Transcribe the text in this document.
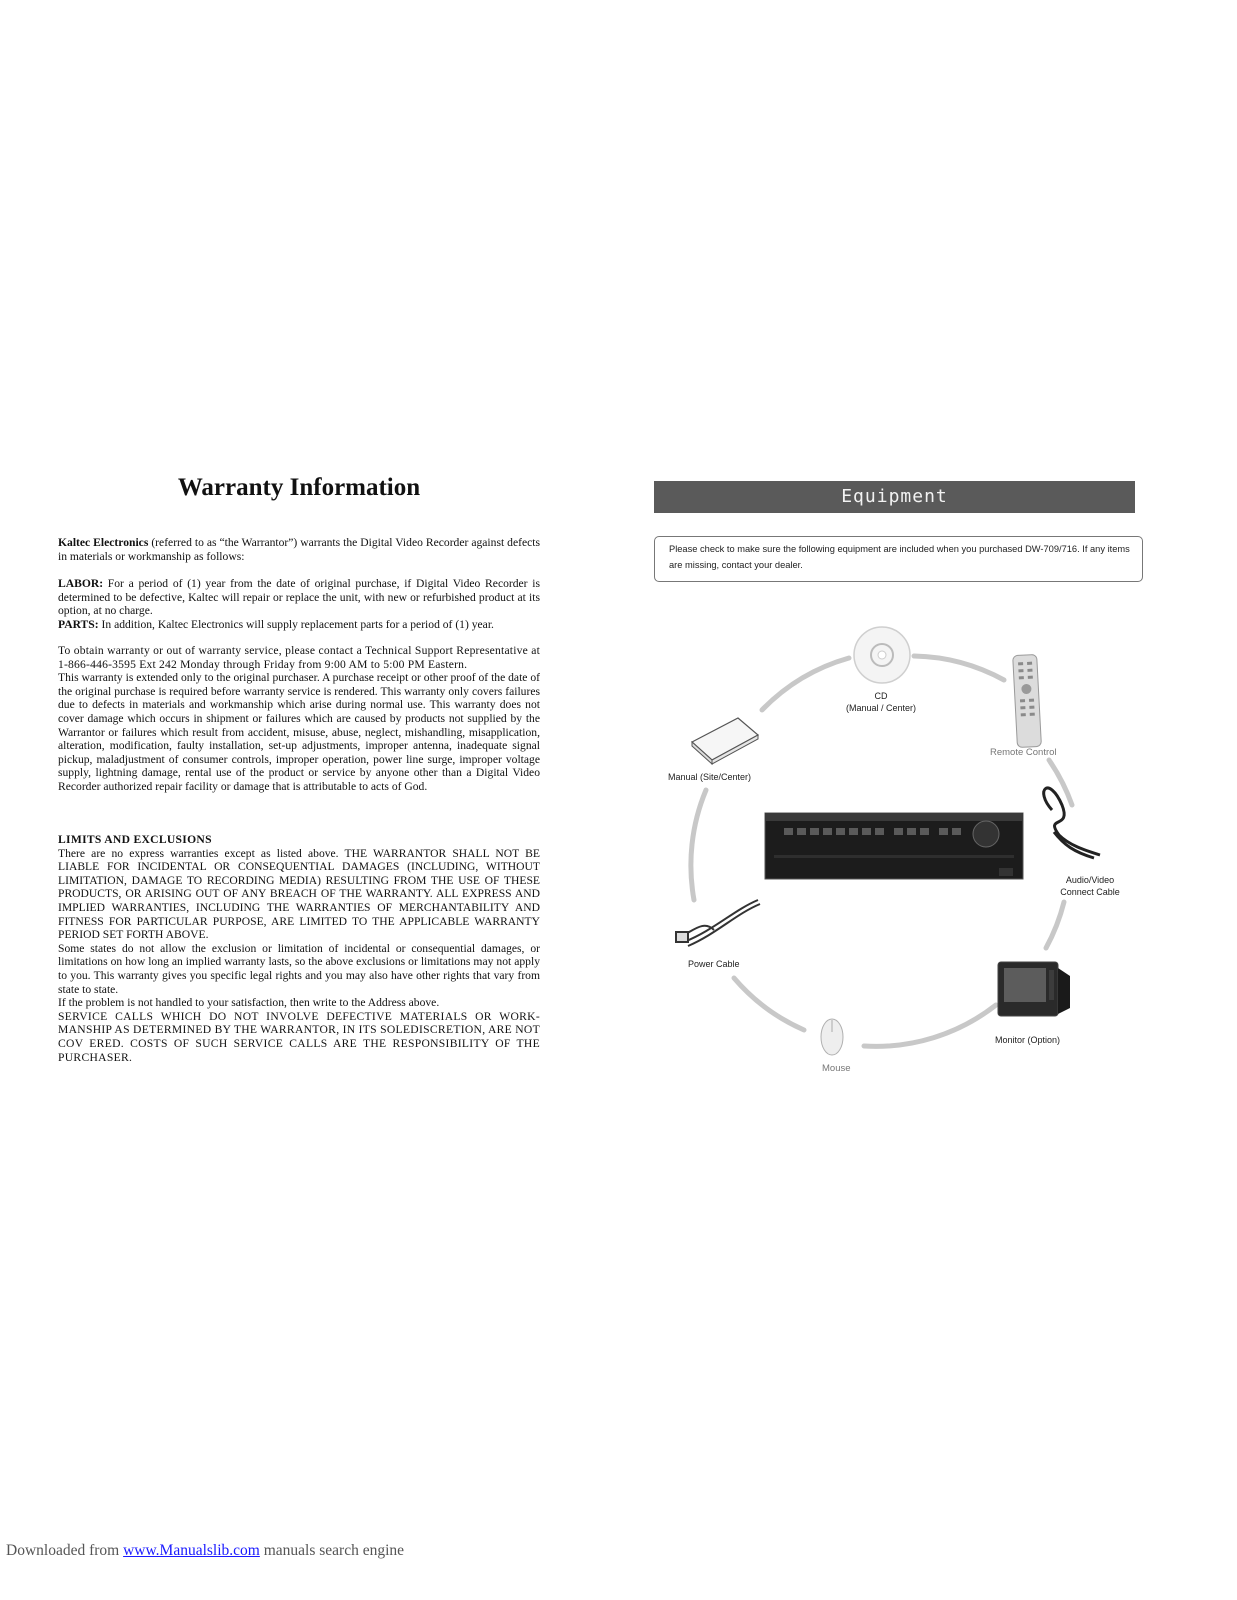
Warranty Information

Kaltec Electronics (referred to as “the Warrantor”) warrants the Digital Video Recorder against defects in materials or workmanship as follows:

LABOR: For a period of (1) year from the date of original purchase, if Digital Video Recorder is determined to be defective, Kaltec will repair or replace the unit, with new or refurbished product at its option, at no charge.

PARTS: In addition, Kaltec Electronics will supply replacement parts for a period of (1) year.

To obtain warranty or out of warranty service, please contact a Technical Support Representative at 1-866-446-3595 Ext 242 Monday through Friday from 9:00 AM to 5:00 PM Eastern.

This warranty is extended only to the original purchaser. A purchase receipt or other proof of the date of the original purchase is required before warranty service is rendered. This warranty only covers failures due to defects in materials and workmanship which arise during normal use. This warranty does not cover damage which occurs in shipment or failures which are caused by products not supplied by the Warrantor or failures which result from accident, misuse, abuse, neglect, mishandling, misapplication, alteration, modification, faulty installation, set-up adjustments, improper antenna, inadequate signal pickup, maladjustment of consumer controls, improper operation, power line surge, improper voltage supply, lightning damage, rental use of the product or service by anyone other than a Digital Video Recorder authorized repair facility or damage that is attributable to acts of God.

LIMITS AND EXCLUSIONS

There are no express warranties except as listed above. THE WARRANTOR SHALL NOT BE LIABLE FOR INCIDENTAL OR CONSEQUENTIAL DAMAGES (INCLUDING, WITHOUT LIMITATION, DAMAGE TO RECORDING MEDIA) RESULTING FROM THE USE OF THESE PRODUCTS, OR ARISING OUT OF ANY BREACH OF THE WARRANTY. ALL EXPRESS AND IMPLIED WARRANTIES, INCLUDING THE WARRANTIES OF MERCHANTABILITY AND FITNESS FOR PARTICULAR PURPOSE, ARE LIMITED TO THE APPLICABLE WARRANTY PERIOD SET FORTH ABOVE.

Some states do not allow the exclusion or limitation of incidental or consequential damages, or limitations on how long an implied warranty lasts, so the above exclusions or limitations may not apply to you. This warranty gives you specific legal rights and you may also have other rights that vary from state to state.

If the problem is not handled to your satisfaction, then write to the Address above.

SERVICE CALLS WHICH DO NOT INVOLVE DEFECTIVE MATERIALS OR WORK-MANSHIP AS DETERMINED BY THE WARRANTOR, IN ITS SOLEDISCRETION, ARE NOT COV ERED. COSTS OF SUCH SERVICE CALLS ARE THE RESPONSIBILITY OF THE PURCHASER.

Equipment
Please check to make sure the following equipment are included when you purchased DW-709/716. If any items are missing, contact your dealer.
CD
(Manual / Center)
Remote Control
Manual (Site/Center)
Audio/Video
Connect Cable
Power Cable
Monitor (Option)
Mouse
Downloaded from www.Manualslib.com manuals search engine
